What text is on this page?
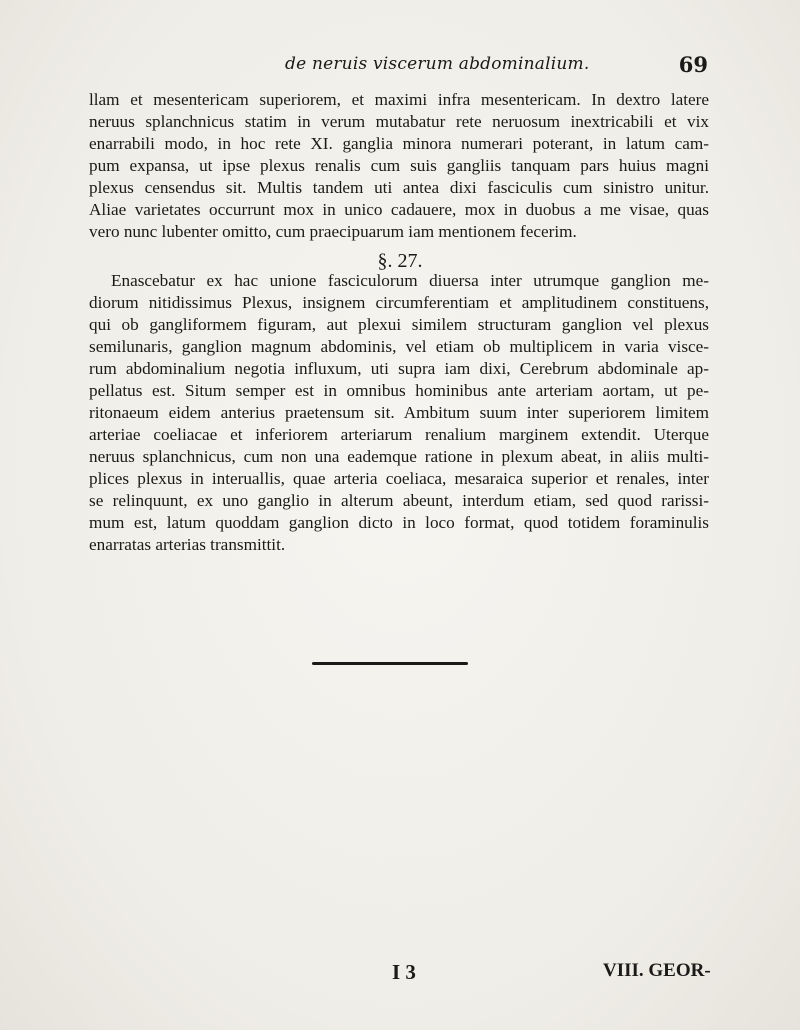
de neruis viscerum abdominalium.	69
llam et mesentericam superiorem, et maximi infra mesentericam. In dextro latere
neruus splanchnicus statim in verum mutabatur rete neruosum inextricabili et vix
enarrabili modo, in hoc rete XI. ganglia minora numerari poterant, in latum cam-
pum expansa, ut ipse plexus renalis cum suis gangliis tanquam pars huius magni
plexus censendus sit. Multis tandem uti antea dixi fasciculis cum sinistro unitur.
Aliae varietates occurrunt mox in unico cadauere, mox in duobus a me visae, quas
vero nunc lubenter omitto, cum praecipuarum iam mentionem fecerim.
§. 27.
Enascebatur ex hac unione fasciculorum diuersa inter utrumque ganglion me-
diorum nitidissimus Plexus, insignem circumferentiam et amplitudinem constituens,
qui ob gangliformem figuram, aut plexui similem structuram ganglion vel plexus
semilunaris, ganglion magnum abdominis, vel etiam ob multiplicem in varia visce-
rum abdominalium negotia influxum, uti supra iam dixi, Cerebrum abdominale ap-
pellatus est. Situm semper est in omnibus hominibus ante arteriam aortam, ut pe-
ritonaeum eidem anterius praetensum sit. Ambitum suum inter superiorem limitem
arteriae coeliacae et inferiorem arteriarum renalium marginem extendit. Uterque
neruus splanchnicus, cum non una eademque ratione in plexum abeat, in aliis multi-
plices plexus in interuallis, quae arteria coeliaca, mesaraica superior et renales, inter
se relinquunt, ex uno ganglio in alterum abeunt, interdum etiam, sed quod rarissi-
mum est, latum quoddam ganglion dicto in loco format, quod totidem foraminulis
enarratas arterias transmittit.
I 3	VIII. GEOR-
